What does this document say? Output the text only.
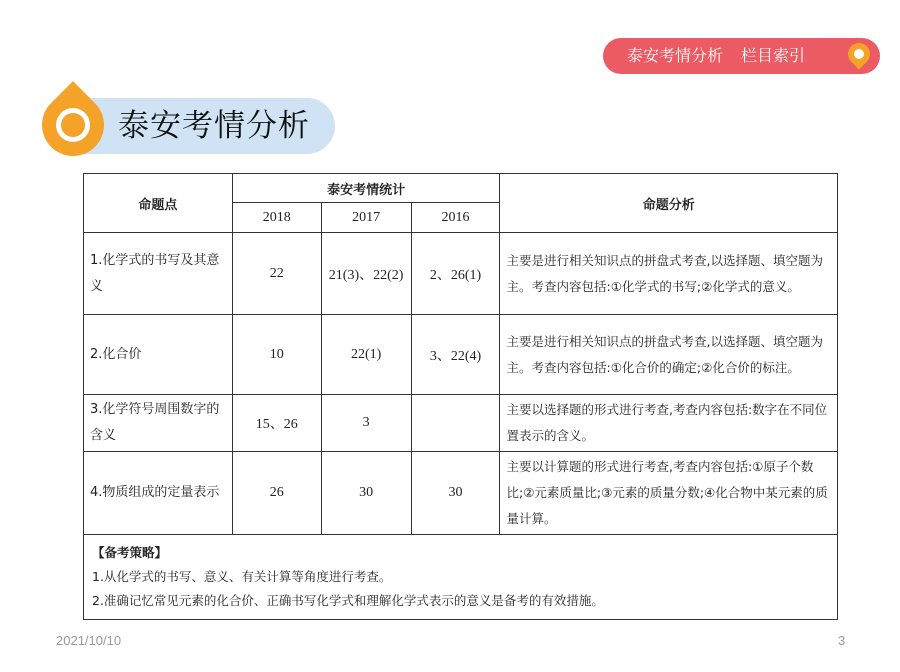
泰安考情分析 栏目索引
泰安考情分析
命题点	泰安考情统计			命题分析
	2018	2017	2016	
1.化学式的书写及其意义	22	21(3)、22(2)	2、26(1)	主要是进行相关知识点的拼盘式考查,以选择题、填空题为主。考查内容包括:①化学式的书写;②化学式的意义。
2.化合价	10	22(1)	3、22(4)	主要是进行相关知识点的拼盘式考查,以选择题、填空题为主。考查内容包括:①化合价的确定;②化合价的标注。
3.化学符号周围数字的含义	15、26	3		主要以选择题的形式进行考查,考查内容包括:数字在不同位置表示的含义。
4.物质组成的定量表示	26	30	30	主要以计算题的形式进行考查,考查内容包括:①原子个数比;②元素质量比;③元素的质量分数;④化合物中某元素的质量计算。

【备考策略】
1.从化学式的书写、意义、有关计算等角度进行考查。
2.准确记忆常见元素的化合价、正确书写化学式和理解化学式表示的意义是备考的有效措施。				
2021/10/10	3
